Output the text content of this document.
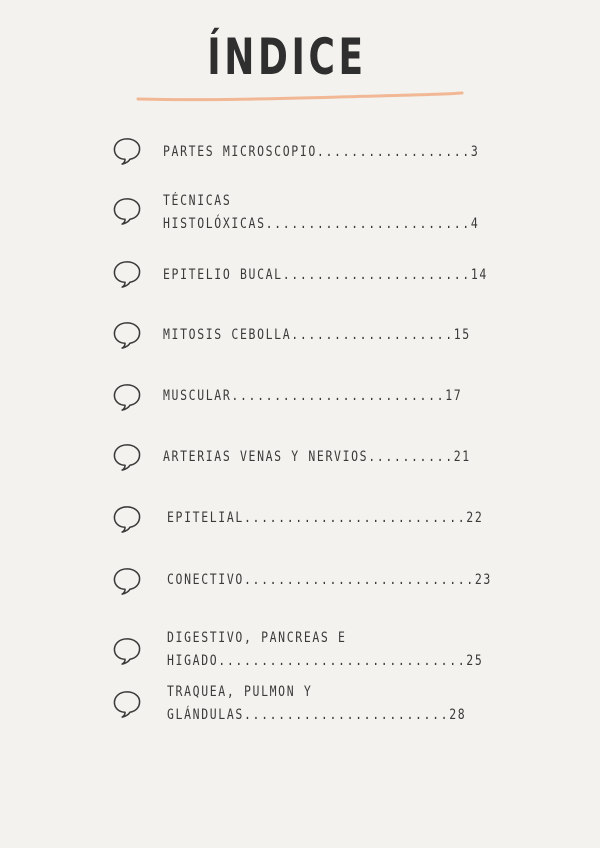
ÍNDICE
PARTES MICROSCOPIO..................3
TÉCNICAS
HISTOLÓXICAS........................4
EPITELIO BUCAL......................14
MITOSIS CEBOLLA...................15
MUSCULAR.........................17
ARTERIAS VENAS Y NERVIOS..........21
EPITELIAL..........................22
CONECTIVO...........................23
DIGESTIVO, PANCREAS E
HIGADO.............................25
TRAQUEA, PULMON Y
GLÁNDULAS........................28
